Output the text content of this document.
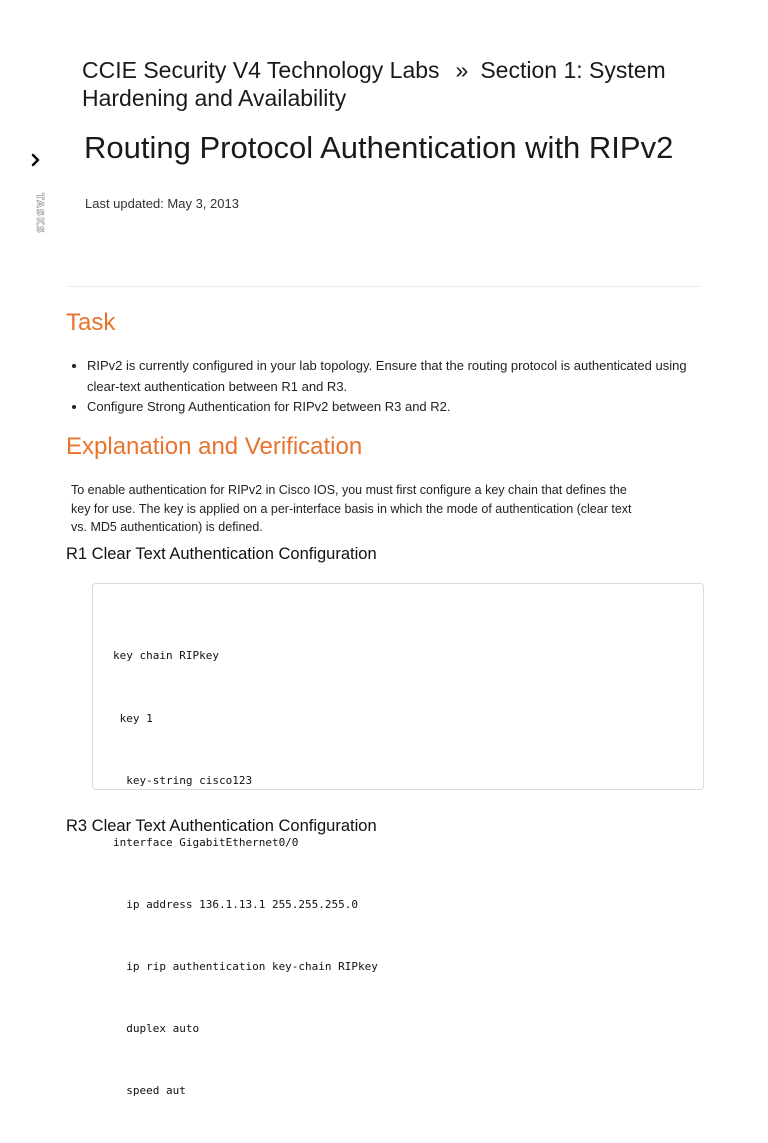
TASKS
CCIE Security V4 Technology Labs » Section 1: System Hardening and Availability
Routing Protocol Authentication with RIPv2
Last updated: May 3, 2013
Task
• RIPv2 is currently configured in your lab topology. Ensure that the routing protocol is authenticated using clear-text authentication between R1 and R3.
• Configure Strong Authentication for RIPv2 between R3 and R2.
Explanation and Verification

To enable authentication for RIPv2 in Cisco IOS, you must first configure a key chain that defines the key for use. The key is applied on a per-interface basis in which the mode of authentication (clear text vs. MD5 authentication) is defined.

R1 Clear Text Authentication Configuration

key chain RIPkey

key 1

key-string cisco123

interface GigabitEthernet0/0

ip address 136.1.13.1 255.255.255.0

ip rip authentication key-chain RIPkey

duplex auto

speed aut

R3 Clear Text Authentication Configuration
